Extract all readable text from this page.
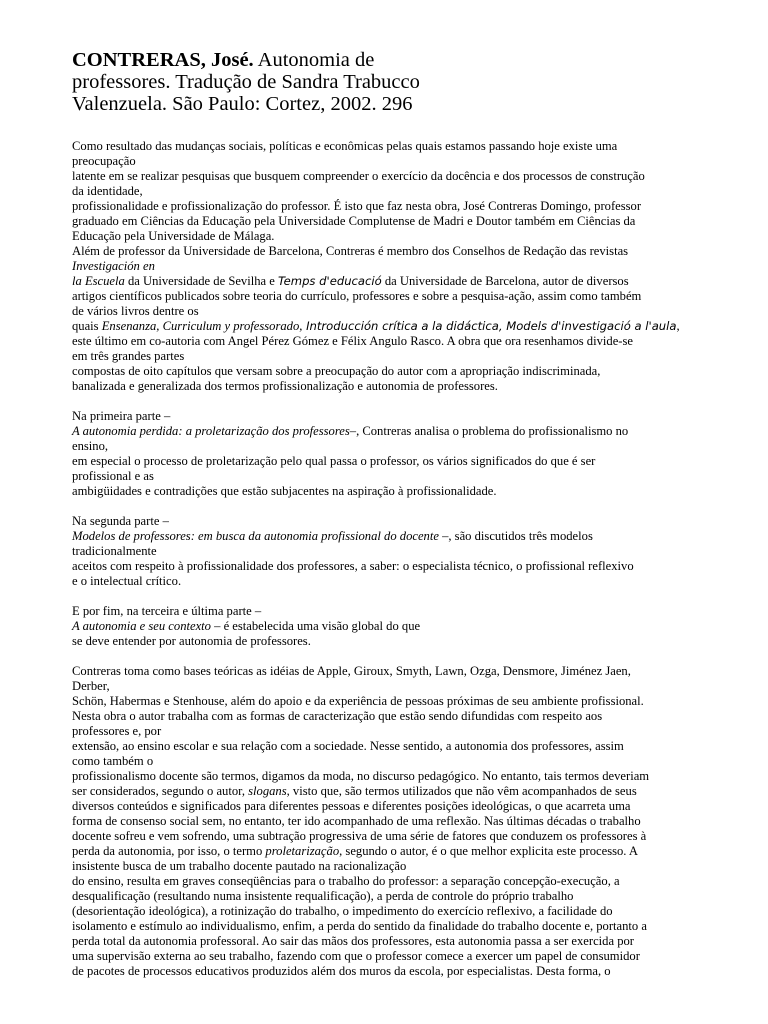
CONTRERAS, José. Autonomia de
professores. Tradução de Sandra Trabucco
Valenzuela. São Paulo: Cortez, 2002. 296
Como resultado das mudanças sociais, políticas e econômicas pelas quais estamos passando hoje existe uma
preocupação
latente em se realizar pesquisas que busquem compreender o exercício da docência e dos processos de construção
da identidade,
profissionalidade e profissionalização do professor. É isto que faz nesta obra, José Contreras Domingo, professor
graduado em Ciências da Educação pela Universidade Complutense de Madri e Doutor também em Ciências da
Educação pela Universidade de Málaga.
Além de professor da Universidade de Barcelona, Contreras é membro dos Conselhos de Redação das revistas
Investigación en
la Escuela da Universidade de Sevilha e Temps d'educació da Universidade de Barcelona, autor de diversos
artigos científicos publicados sobre teoria do currículo, professores e sobre a pesquisa-ação, assim como também
de vários livros dentre os
quais Ensenanza, Curriculum y professorado, Introducción crítica a la didáctica, Models d'investigació a l'aula,
este último em co-autoria com Angel Pérez Gómez e Félix Angulo Rasco. A obra que ora resenhamos divide-se
em três grandes partes
compostas de oito capítulos que versam sobre a preocupação do autor com a apropriação indiscriminada,
banalizada e generalizada dos termos profissionalização e autonomia de professores.
Na primeira parte –
A autonomia perdida: a proletarização dos professores–, Contreras analisa o problema do profissionalismo no
ensino,
em especial o processo de proletarização pelo qual passa o professor, os vários significados do que é ser
profissional e as
ambigüidades e contradições que estão subjacentes na aspiração à profissionalidade.
Na segunda parte –
Modelos de professores: em busca da autonomia profissional do docente –, são discutidos três modelos
tradicionalmente
aceitos com respeito à profissionalidade dos professores, a saber: o especialista técnico, o profissional reflexivo
e o intelectual crítico.
E por fim, na terceira e última parte –
A autonomia e seu contexto – é estabelecida uma visão global do que
se deve entender por autonomia de professores.
Contreras toma como bases teóricas as idéias de Apple, Giroux, Smyth, Lawn, Ozga, Densmore, Jiménez Jaen,
Derber,
Schön, Habermas e Stenhouse, além do apoio e da experiência de pessoas próximas de seu ambiente profissional.
Nesta obra o autor trabalha com as formas de caracterização que estão sendo difundidas com respeito aos
professores e, por
extensão, ao ensino escolar e sua relação com a sociedade. Nesse sentido, a autonomia dos professores, assim
como também o
profissionalismo docente são termos, digamos da moda, no discurso pedagógico. No entanto, tais termos deveriam
ser considerados, segundo o autor, slogans, visto que, são termos utilizados que não vêm acompanhados de seus
diversos conteúdos e significados para diferentes pessoas e diferentes posições ideológicas, o que acarreta uma
forma de consenso social sem, no entanto, ter ido acompanhado de uma reflexão. Nas últimas décadas o trabalho
docente sofreu e vem sofrendo, uma subtração progressiva de uma série de fatores que conduzem os professores à
perda da autonomia, por isso, o termo proletarização, segundo o autor, é o que melhor explicita este processo. A
insistente busca de um trabalho docente pautado na racionalização
do ensino, resulta em graves conseqüências para o trabalho do professor: a separação concepção-execução, a
desqualificação (resultando numa insistente requalificação), a perda de controle do próprio trabalho
(desorientação ideológica), a rotinização do trabalho, o impedimento do exercício reflexivo, a facilidade do
isolamento e estímulo ao individualismo, enfim, a perda do sentido da finalidade do trabalho docente e, portanto a
perda total da autonomia professoral. Ao sair das mãos dos professores, esta autonomia passa a ser exercida por
uma supervisão externa ao seu trabalho, fazendo com que o professor comece a exercer um papel de consumidor
de pacotes de processos educativos produzidos além dos muros da escola, por especialistas. Desta forma, o
